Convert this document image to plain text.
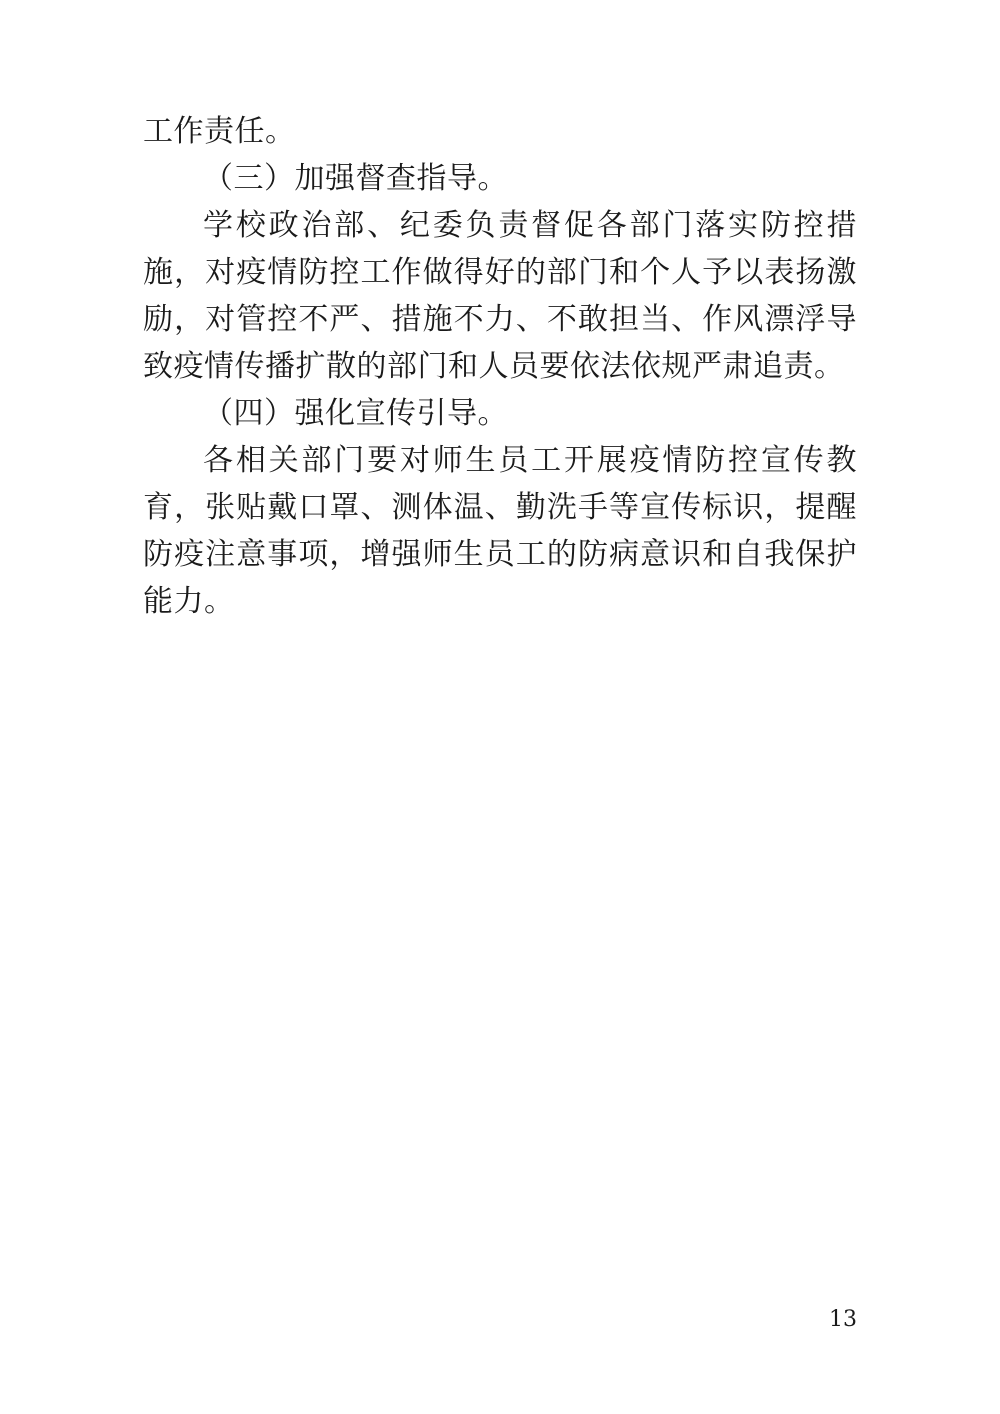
工作责任。

（三）加强督查指导。

学校政治部、纪委负责督促各部门落实防控措施，对疫情防控工作做得好的部门和个人予以表扬激励，对管控不严、措施不力、不敢担当、作风漂浮导致疫情传播扩散的部门和人员要依法依规严肃追责。

（四）强化宣传引导。

各相关部门要对师生员工开展疫情防控宣传教育，张贴戴口罩、测体温、勤洗手等宣传标识，提醒防疫注意事项，增强师生员工的防病意识和自我保护能力。

13
